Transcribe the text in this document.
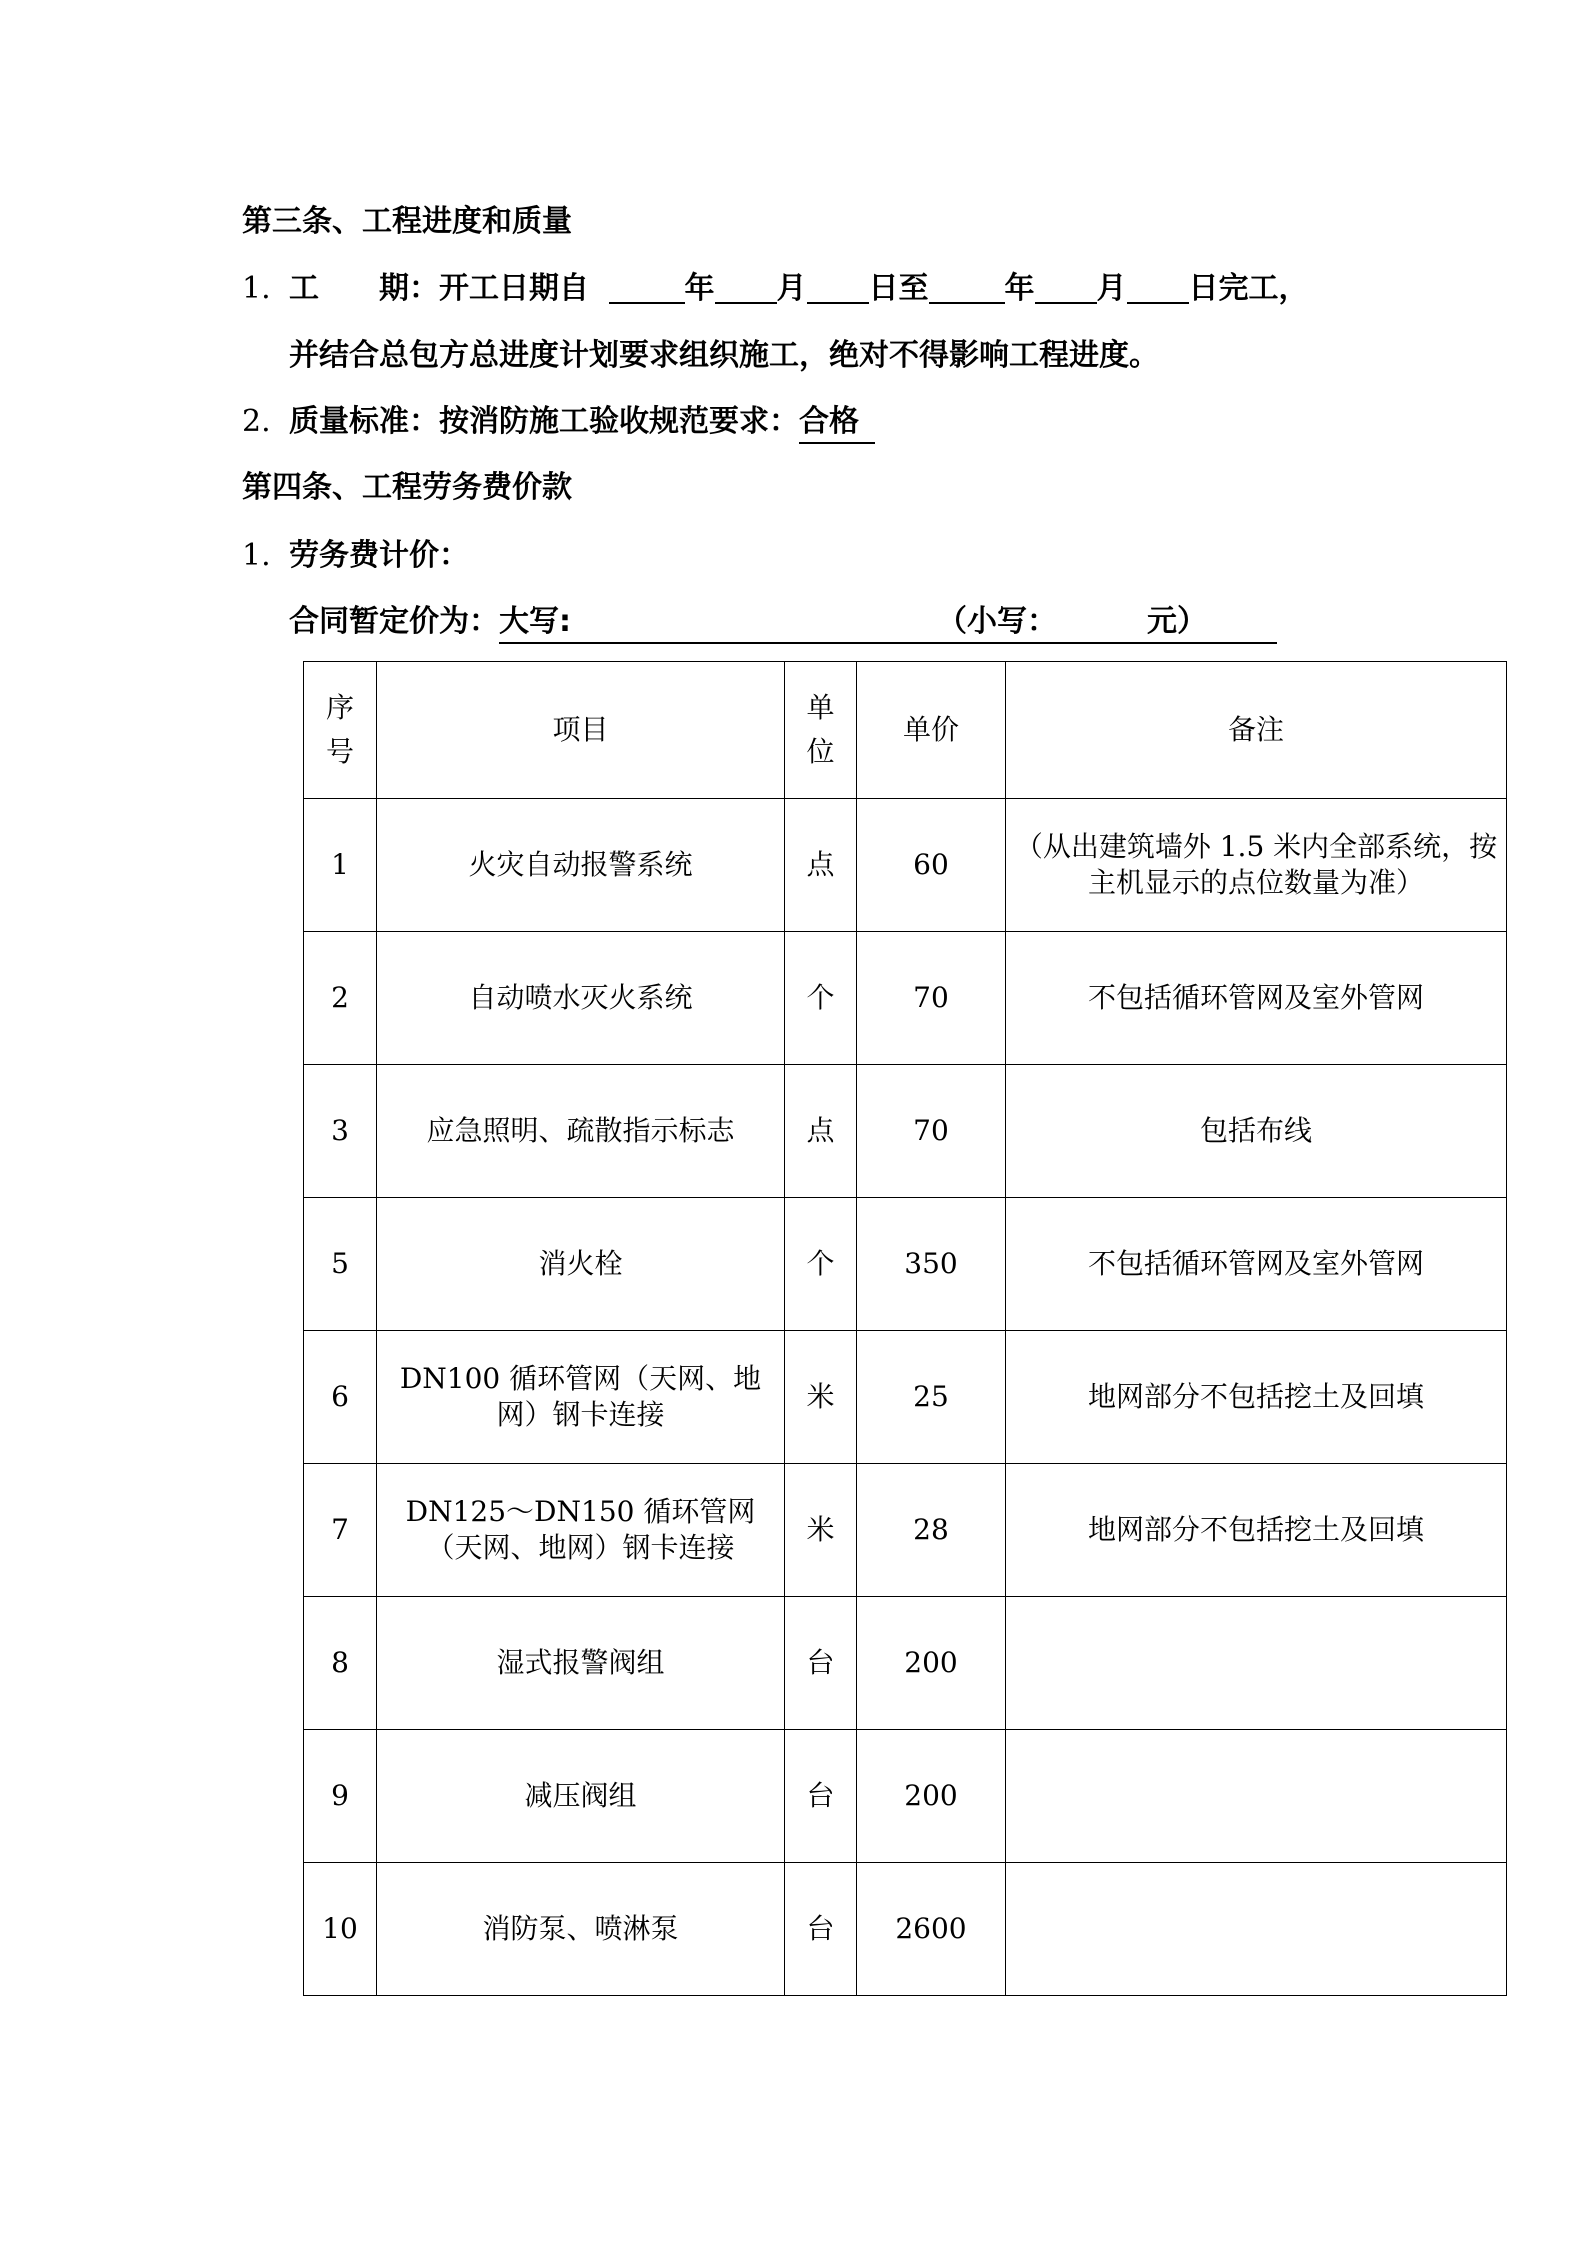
第三条、工程进度和质量
1. 工　　期：开工日期自	年 月 日至	年 月 日完工，
并结合总包方总进度计划要求组织施工，绝对不得影响工程进度。
2. 质量标准：按消防施工验收规范要求：合格
第四条、工程劳务费价款
1. 劳务费计价：
合同暂定价为：大写:	（小写：	元）
序号	项目	单位	单价	备注
1	火灾自动报警系统	点	60	（从出建筑墙外 1.5 米内全部系统，按主机显示的点位数量为准）
2	自动喷水灭火系统	个	70	不包括循环管网及室外管网
3	应急照明、疏散指示标志	点	70	包括布线
5	消火栓	个	350	不包括循环管网及室外管网
6	DN100 循环管网（天网、地网）钢卡连接	米	25	地网部分不包括挖土及回填
7	DN125～DN150 循环管网（天网、地网）钢卡连接	米	28	地网部分不包括挖土及回填
8	湿式报警阀组	台	200	
9	减压阀组	台	200	
10	消防泵、喷淋泵	台	2600	
